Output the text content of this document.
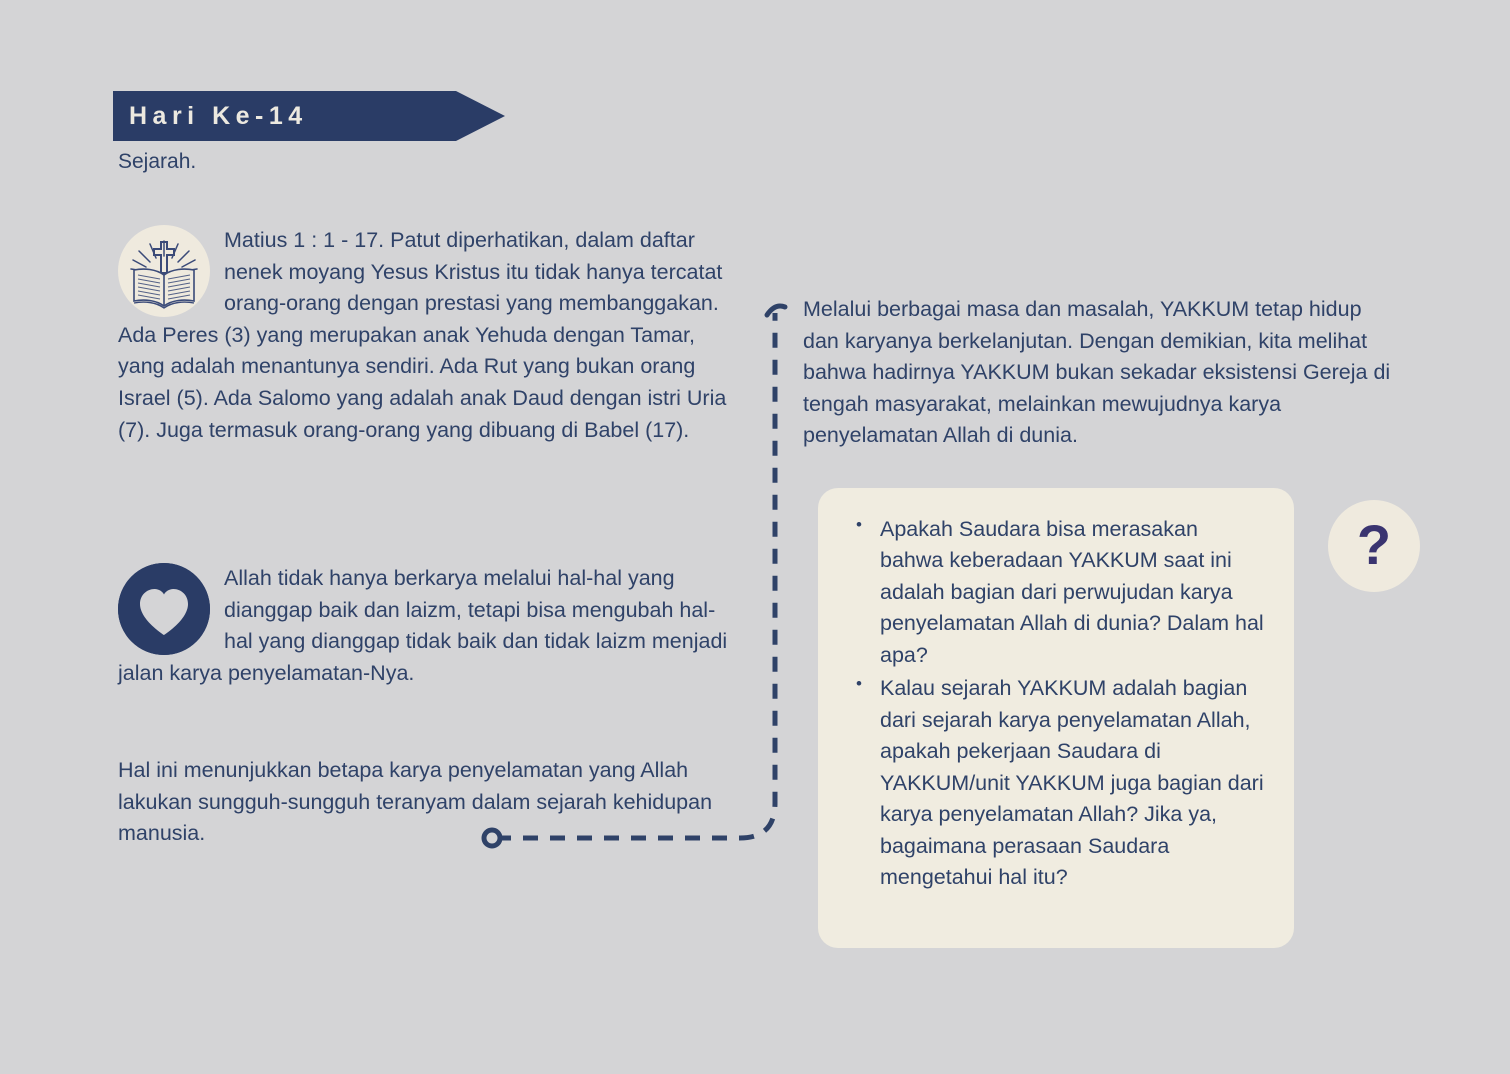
Hari Ke-14
Sejarah.

Matius 1 : 1 - 17. Patut diperhatikan, dalam daftar nenek moyang Yesus Kristus itu tidak hanya tercatat orang-orang dengan prestasi yang membanggakan.

Ada Peres (3) yang merupakan anak Yehuda dengan Tamar, yang adalah menantunya sendiri. Ada Rut yang bukan orang Israel (5). Ada Salomo yang adalah anak Daud dengan istri Uria (7). Juga termasuk orang-orang yang dibuang di Babel (17).

Allah tidak hanya berkarya melalui hal-hal yang dianggap baik dan laizm, tetapi bisa mengubah hal-hal yang dianggap tidak baik dan tidak laizm menjadi jalan karya penyelamatan-Nya.

Hal ini menunjukkan betapa karya penyelamatan yang Allah lakukan sungguh-sungguh teranyam dalam sejarah kehidupan manusia.
Melalui berbagai masa dan masalah, YAKKUM tetap hidup dan karyanya berkelanjutan. Dengan demikian, kita melihat bahwa hadirnya YAKKUM bukan sekadar eksistensi Gereja di tengah masyarakat, melainkan mewujudnya karya penyelamatan Allah di dunia.
• Apakah Saudara bisa merasakan bahwa keberadaan YAKKUM saat ini adalah bagian dari perwujudan karya penyelamatan Allah di dunia? Dalam hal apa?
• Kalau sejarah YAKKUM adalah bagian dari sejarah karya penyelamatan Allah, apakah pekerjaan Saudara di YAKKUM/unit YAKKUM juga bagian dari karya penyelamatan Allah? Jika ya, bagaimana perasaan Saudara mengetahui hal itu?
?
